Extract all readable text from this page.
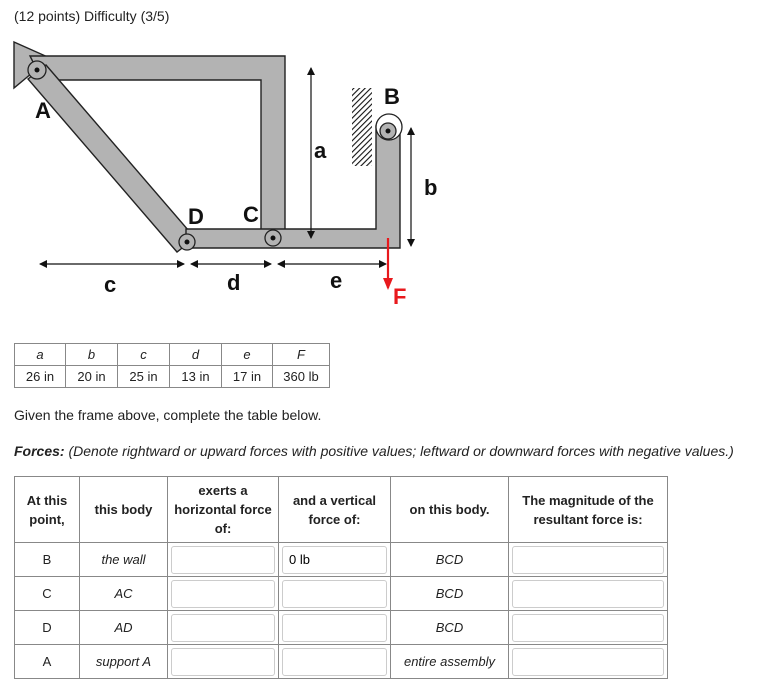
(12 points) Difficulty (3/5)
A
B
C
D
a
b
c	d	e
F
a	b	c	d	e	F
26 in	20 in	25 in	13 in	17 in	360 lb
Given the frame above, complete the table below.
Forces: (Denote rightward or upward forces with positive values; leftward or downward forces with negative values.)
At this point,	this body	exerts a horizontal force of:	and a vertical force of:	on this body.	The magnitude of the resultant force is:
B	the wall		0 lb	BCD	
C	AC			BCD	
D	AD			BCD	
A	support A			entire assembly	
